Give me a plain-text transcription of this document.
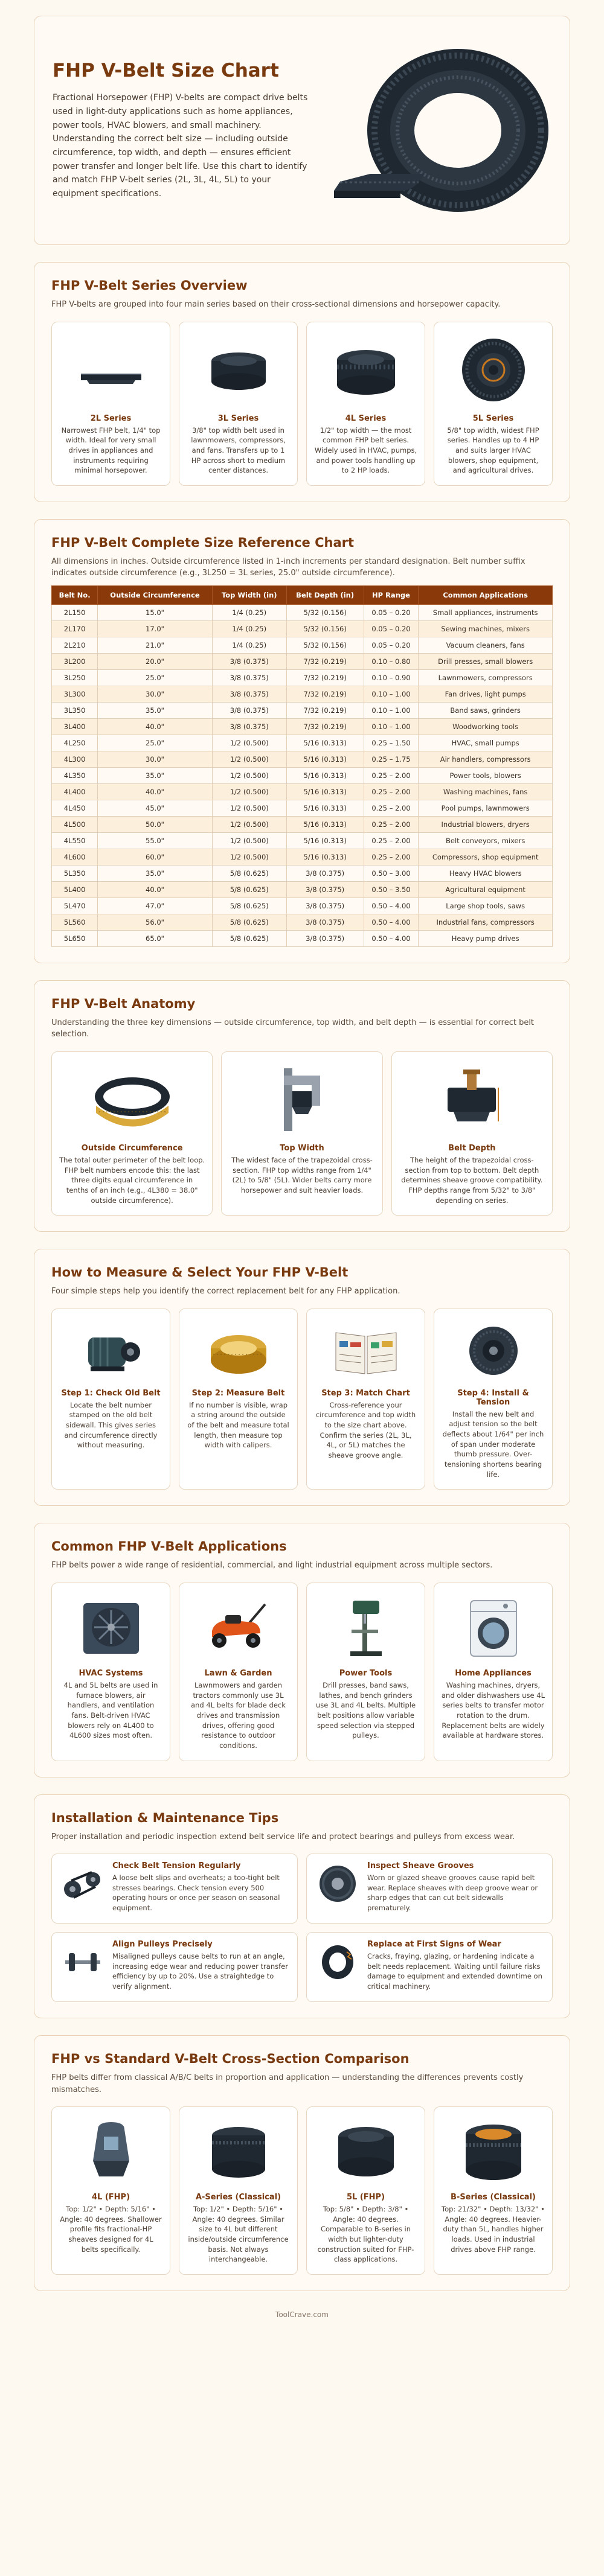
FHP V-Belt Size Chart

Fractional Horsepower (FHP) V-belts are compact drive belts used in light-duty applications such as home appliances, power tools, HVAC blowers, and small machinery. Understanding the correct belt size — including outside circumference, top width, and depth — ensures efficient power transfer and longer belt life. Use this chart to identify and match FHP V-belt series (2L, 3L, 4L, 5L) to your equipment specifications.

FHP V-Belt Series Overview

FHP V-belts are grouped into four main series based on their cross-sectional dimensions and horsepower capacity.

2L Series

Narrowest FHP belt, 1/4" top width. Ideal for very small drives in appliances and instruments requiring minimal horsepower.

3L Series

3/8" top width belt used in lawnmowers, compressors, and fans. Transfers up to 1 HP across short to medium center distances.

4L Series

1/2" top width — the most common FHP belt series. Widely used in HVAC, pumps, and power tools handling up to 2 HP loads.

5L Series

5/8" top width, widest FHP series. Handles up to 4 HP and suits larger HVAC blowers, shop equipment, and agricultural drives.

FHP V-Belt Complete Size Reference Chart

All dimensions in inches. Outside circumference listed in 1-inch increments per standard designation. Belt number suffix indicates outside circumference (e.g., 3L250 = 3L series, 25.0" outside circumference).

Belt No.	Outside Circumference	Top Width (in)	Belt Depth (in)	HP Range	Common Applications
2L150	15.0"	1/4 (0.25)	5/32 (0.156)	0.05 – 0.20	Small appliances, instruments
2L170	17.0"	1/4 (0.25)	5/32 (0.156)	0.05 – 0.20	Sewing machines, mixers
2L210	21.0"	1/4 (0.25)	5/32 (0.156)	0.05 – 0.20	Vacuum cleaners, fans
3L200	20.0"	3/8 (0.375)	7/32 (0.219)	0.10 – 0.80	Drill presses, small blowers
3L250	25.0"	3/8 (0.375)	7/32 (0.219)	0.10 – 0.90	Lawnmowers, compressors
3L300	30.0"	3/8 (0.375)	7/32 (0.219)	0.10 – 1.00	Fan drives, light pumps
3L350	35.0"	3/8 (0.375)	7/32 (0.219)	0.10 – 1.00	Band saws, grinders
3L400	40.0"	3/8 (0.375)	7/32 (0.219)	0.10 – 1.00	Woodworking tools
4L250	25.0"	1/2 (0.500)	5/16 (0.313)	0.25 – 1.50	HVAC, small pumps
4L300	30.0"	1/2 (0.500)	5/16 (0.313)	0.25 – 1.75	Air handlers, compressors
4L350	35.0"	1/2 (0.500)	5/16 (0.313)	0.25 – 2.00	Power tools, blowers
4L400	40.0"	1/2 (0.500)	5/16 (0.313)	0.25 – 2.00	Washing machines, fans
4L450	45.0"	1/2 (0.500)	5/16 (0.313)	0.25 – 2.00	Pool pumps, lawnmowers
4L500	50.0"	1/2 (0.500)	5/16 (0.313)	0.25 – 2.00	Industrial blowers, dryers
4L550	55.0"	1/2 (0.500)	5/16 (0.313)	0.25 – 2.00	Belt conveyors, mixers
4L600	60.0"	1/2 (0.500)	5/16 (0.313)	0.25 – 2.00	Compressors, shop equipment
5L350	35.0"	5/8 (0.625)	3/8 (0.375)	0.50 – 3.00	Heavy HVAC blowers
5L400	40.0"	5/8 (0.625)	3/8 (0.375)	0.50 – 3.50	Agricultural equipment
5L470	47.0"	5/8 (0.625)	3/8 (0.375)	0.50 – 4.00	Large shop tools, saws
5L560	56.0"	5/8 (0.625)	3/8 (0.375)	0.50 – 4.00	Industrial fans, compressors
5L650	65.0"	5/8 (0.625)	3/8 (0.375)	0.50 – 4.00	Heavy pump drives
FHP V-Belt Anatomy

Understanding the three key dimensions — outside circumference, top width, and belt depth — is essential for correct belt selection.

Outside Circumference

The total outer perimeter of the belt loop. FHP belt numbers encode this: the last three digits equal circumference in tenths of an inch (e.g., 4L380 = 38.0" outside circumference).

Top Width

The widest face of the trapezoidal cross-section. FHP top widths range from 1/4" (2L) to 5/8" (5L). Wider belts carry more horsepower and suit heavier loads.

Belt Depth

The height of the trapezoidal cross-section from top to bottom. Belt depth determines sheave groove compatibility. FHP depths range from 5/32" to 3/8" depending on series.

How to Measure & Select Your FHP V-Belt

Four simple steps help you identify the correct replacement belt for any FHP application.

Step 1: Check Old Belt

Locate the belt number stamped on the old belt sidewall. This gives series and circumference directly without measuring.

Step 2: Measure Belt

If no number is visible, wrap a string around the outside of the belt and measure total length, then measure top width with calipers.

Step 3: Match Chart

Cross-reference your circumference and top width to the size chart above. Confirm the series (2L, 3L, 4L, or 5L) matches the sheave groove angle.

Step 4: Install & Tension

Install the new belt and adjust tension so the belt deflects about 1/64" per inch of span under moderate thumb pressure. Over-tensioning shortens bearing life.

Common FHP V-Belt Applications

FHP belts power a wide range of residential, commercial, and light industrial equipment across multiple sectors.

HVAC Systems

4L and 5L belts are used in furnace blowers, air handlers, and ventilation fans. Belt-driven HVAC blowers rely on 4L400 to 4L600 sizes most often.

Lawn & Garden

Lawnmowers and garden tractors commonly use 3L and 4L belts for blade deck drives and transmission drives, offering good resistance to outdoor conditions.

Power Tools

Drill presses, band saws, lathes, and bench grinders use 3L and 4L belts. Multiple belt positions allow variable speed selection via stepped pulleys.

Home Appliances

Washing machines, dryers, and older dishwashers use 4L series belts to transfer motor rotation to the drum. Replacement belts are widely available at hardware stores.

Installation & Maintenance Tips

Proper installation and periodic inspection extend belt service life and protect bearings and pulleys from excess wear.

Check Belt Tension Regularly

A loose belt slips and overheats; a too-tight belt stresses bearings. Check tension every 500 operating hours or once per season on seasonal equipment.

Inspect Sheave Grooves

Worn or glazed sheave grooves cause rapid belt wear. Replace sheaves with deep groove wear or sharp edges that can cut belt sidewalls prematurely.

Align Pulleys Precisely

Misaligned pulleys cause belts to run at an angle, increasing edge wear and reducing power transfer efficiency by up to 20%. Use a straightedge to verify alignment.

Replace at First Signs of Wear

Cracks, fraying, glazing, or hardening indicate a belt needs replacement. Waiting until failure risks damage to equipment and extended downtime on critical machinery.

FHP vs Standard V-Belt Cross-Section Comparison

FHP belts differ from classical A/B/C belts in proportion and application — understanding the differences prevents costly mismatches.

4L (FHP)

Top: 1/2" • Depth: 5/16" • Angle: 40 degrees. Shallower profile fits fractional-HP sheaves designed for 4L belts specifically.

A-Series (Classical)

Top: 1/2" • Depth: 5/16" • Angle: 40 degrees. Similar size to 4L but different inside/outside circumference basis. Not always interchangeable.

5L (FHP)

Top: 5/8" • Depth: 3/8" • Angle: 40 degrees. Comparable to B-series in width but lighter-duty construction suited for FHP-class applications.

B-Series (Classical)

Top: 21/32" • Depth: 13/32" • Angle: 40 degrees. Heavier-duty than 5L, handles higher loads. Used in industrial drives above FHP range.

ToolCrave.com
